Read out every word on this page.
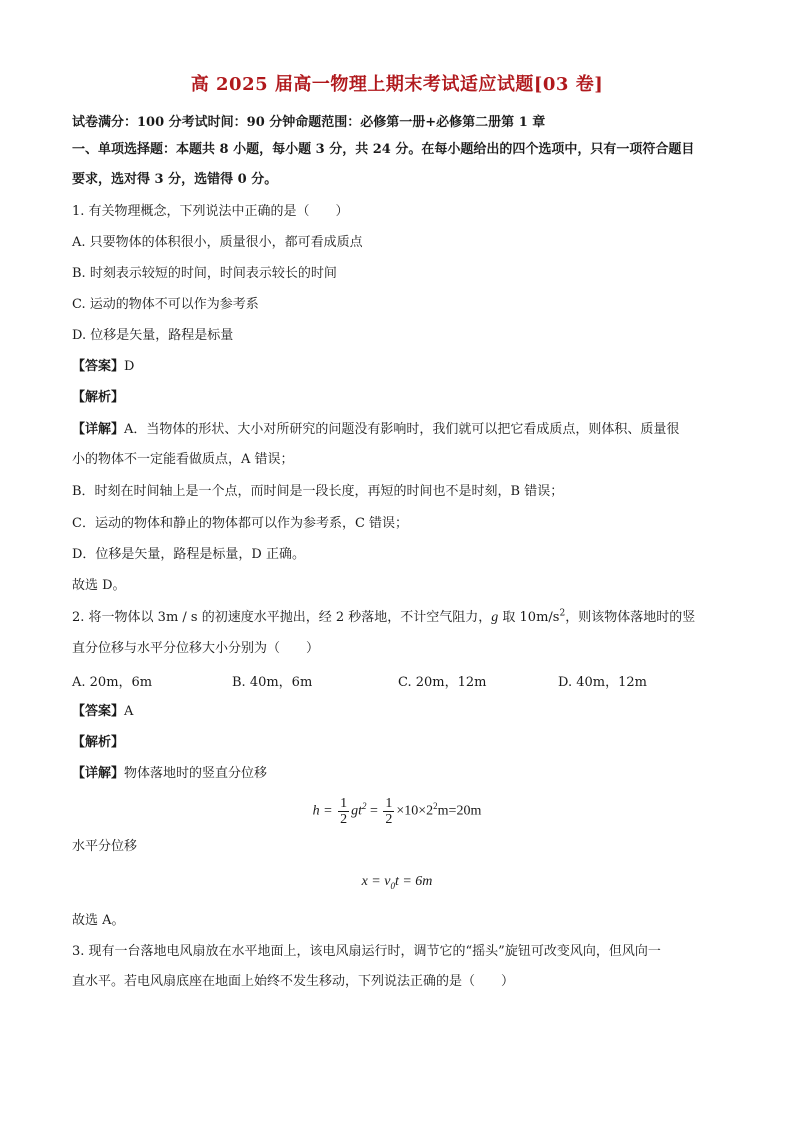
高 2025 届高一物理上期末考试适应试题[03 卷]
试卷满分：100 分考试时间：90 分钟命题范围：必修第一册+必修第二册第 1 章
一、单项选择题：本题共 8 小题，每小题 3 分，共 24 分。在每小题给出的四个选项中，只有一项符合题目
要求，选对得 3 分，选错得 0 分。
1. 有关物理概念，下列说法中正确的是（　　）
A. 只要物体的体积很小，质量很小，都可看成质点
B. 时刻表示较短的时间，时间表示较长的时间
C. 运动的物体不可以作为参考系
D. 位移是矢量，路程是标量
【答案】D
【解析】
【详解】A．当物体的形状、大小对所研究的问题没有影响时，我们就可以把它看成质点，则体积、质量很
小的物体不一定能看做质点，A 错误；
B．时刻在时间轴上是一个点，而时间是一段长度，再短的时间也不是时刻，B 错误；
C．运动的物体和静止的物体都可以作为参考系，C 错误；
D．位移是矢量，路程是标量，D 正确。
故选 D。
2. 将一物体以 3m / s 的初速度水平抛出，经 2 秒落地，不计空气阻力，g 取 $10m/s^2$，则该物体落地时的竖
直分位移与水平分位移大小分别为（　　）
A. 20m，6m	B. 40m，6m	C. 20m，12m	D. 40m，12m
【答案】A
【解析】
【详解】物体落地时的竖直分位移
$h = \frac{1}{2} gt^2 = \frac{1}{2} \times 10\times 2^2m=20m$
水平分位移
$x = v_0t = 6m$
故选 A。
3. 现有一台落地电风扇放在水平地面上，该电风扇运行时，调节它的“摇头”旋钮可改变风向，但风向一
直水平。若电风扇底座在地面上始终不发生移动，下列说法正确的是（　　）
